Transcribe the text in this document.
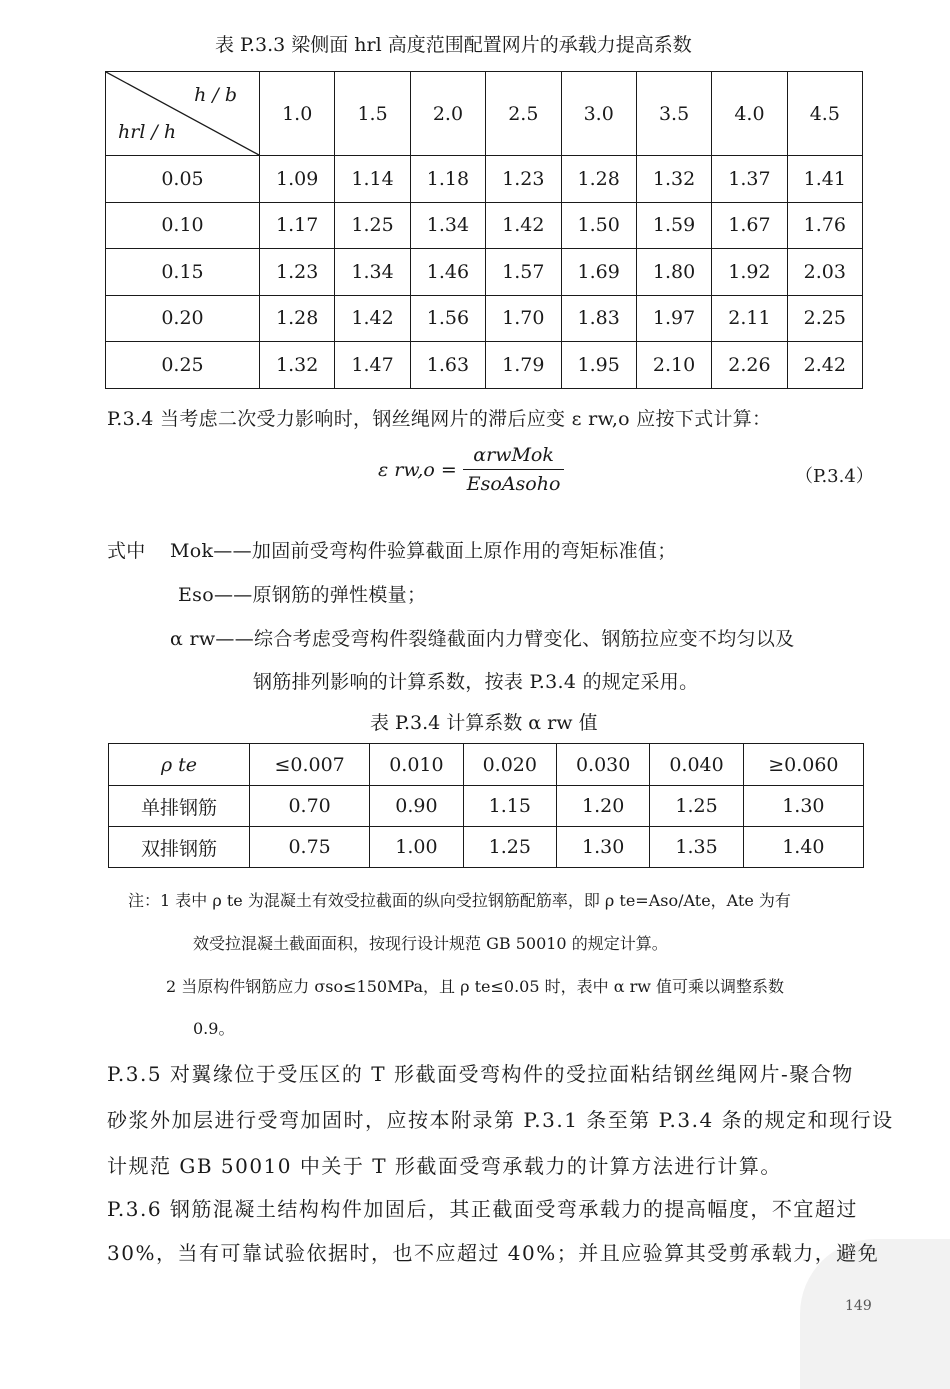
表 P.3.3 梁侧面 hrl 高度范围配置网片的承载力提高系数
h / b
hrl / h	1.0	1.5	2.0	2.5	3.0	3.5	4.0	4.5
0.05	1.09	1.14	1.18	1.23	1.28	1.32	1.37	1.41
0.10	1.17	1.25	1.34	1.42	1.50	1.59	1.67	1.76
0.15	1.23	1.34	1.46	1.57	1.69	1.80	1.92	2.03
0.20	1.28	1.42	1.56	1.70	1.83	1.97	2.11	2.25
0.25	1.32	1.47	1.63	1.79	1.95	2.10	2.26	2.42
P.3.4 当考虑二次受力影响时，钢丝绳网片的滞后应变 ε rw,o 应按下式计算：
ε $rw,o = \frac{\text{αrwMok}}{\text{EsoAsoho}}$	（P.3.4）
式中 Mok——加固前受弯构件验算截面上原作用的弯矩标准值；
Eso——原钢筋的弹性模量；
α rw——综合考虑受弯构件裂缝截面内力臂变化、钢筋拉应变不均匀以及
钢筋排列影响的计算系数，按表 P.3.4 的规定采用。
表 P.3.4 计算系数 α rw 值
ρ te	≤0.007	0.010	0.020	0.030	0.040	≥0.060
单排钢筋	0.70	0.90	1.15	1.20	1.25	1.30
双排钢筋	0.75	1.00	1.25	1.30	1.35	1.40
注：1 表中 ρ te 为混凝土有效受拉截面的纵向受拉钢筋配筋率，即 ρ te=Aso/Ate，Ate 为有
效受拉混凝土截面面积，按现行设计规范 GB 50010 的规定计算。
2 当原构件钢筋应力 σso≤150MPa，且 ρ te≤0.05 时，表中 α rw 值可乘以调整系数
0.9。
P.3.5 对翼缘位于受压区的 T 形截面受弯构件的受拉面粘结钢丝绳网片-聚合物
砂浆外加层进行受弯加固时，应按本附录第 P.3.1 条至第 P.3.4 条的规定和现行设
计规范 GB 50010 中关于 T 形截面受弯承载力的计算方法进行计算。
P.3.6 钢筋混凝土结构构件加固后，其正截面受弯承载力的提高幅度，不宜超过
30%，当有可靠试验依据时，也不应超过 40%；并且应验算其受剪承载力，避免
149
